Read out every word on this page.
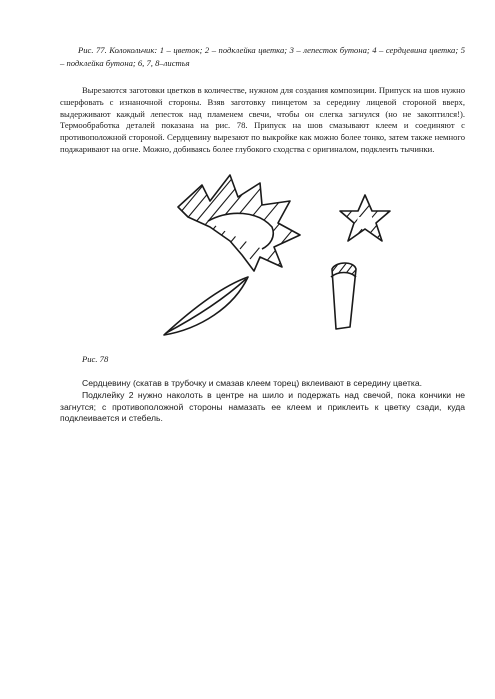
Рис. 77. Колокольчик: 1 – цветок; 2 – подклейка цветка; 3 – лепесток бутона; 4 – сердцевина цветка; 5 – подклейка бутона; 6, 7, 8–листья

Вырезаются заготовки цветков в количестве, нужном для создания композиции. Припуск на шов нужно сшерфовать с изнаночной стороны. Взяв заготовку пинцетом за середину лицевой стороной вверх, выдерживают каждый лепесток над пламенем свечи, чтобы он слегка загнулся (но не закоптился!). Термообработка деталей показана на рис. 78. Припуск на шов смазывают клеем и соединяют с противоположной стороной. Сердцевину вырезают по выкройке как можно более тонко, затем также немного поджаривают на огне. Можно, добиваясь более глубокого сходства с оригиналом, подклеить тычинки.

Рис. 78

Сердцевину (скатав в трубочку и смазав клеем торец) вклеивают в середину цветка.

Подклейку 2 нужно наколоть в центре на шило и подержать над свечой, пока кончики не загнутся; с противоположной стороны намазать ее клеем и приклеить к цветку сзади, куда подклеивается и стебель.
